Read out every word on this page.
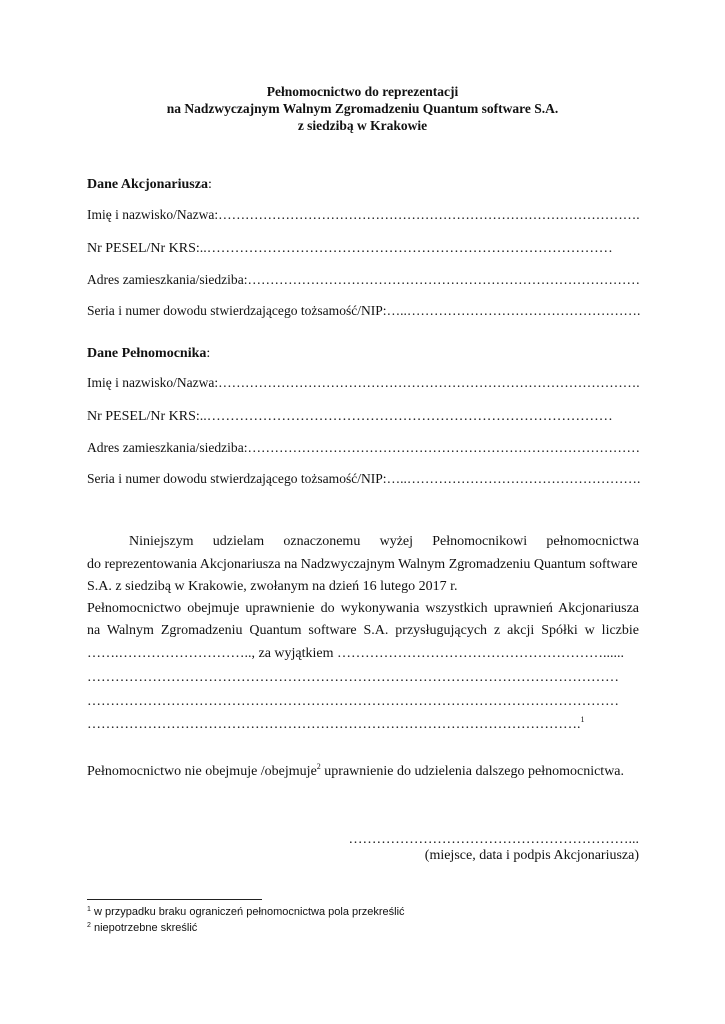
Pełnomocnictwo do reprezentacji
na Nadzwyczajnym Walnym Zgromadzeniu Quantum software S.A.
z siedzibą w Krakowie
Dane Akcjonariusza:
Imię i nazwisko/Nazwa:………………………………………………………………………………….
Nr PESEL/Nr KRS:..……………………………………………………………………………
Adres zamieszkania/siedziba:……………………………………………………………………………
Seria i numer dowodu stwierdzającego tożsamość/NIP:…..…………………………………………….
Dane Pełnomocnika:
Imię i nazwisko/Nazwa:………………………………………………………………………………….
Nr PESEL/Nr KRS:..……………………………………………………………………………
Adres zamieszkania/siedziba:……………………………………………………………………………
Seria i numer dowodu stwierdzającego tożsamość/NIP:…..…………………………………………….
Niniejszym udzielam oznaczonemu wyżej Pełnomocnikowi pełnomocnictwa
do reprezentowania Akcjonariusza na Nadzwyczajnym Walnym Zgromadzeniu Quantum software
S.A. z siedzibą w Krakowie, zwołanym na dzień 16 lutego 2017 r.
Pełnomocnictwo obejmuje uprawnienie do wykonywania wszystkich uprawnień Akcjonariusza
na Walnym Zgromadzeniu Quantum software S.A. przysługujących z akcji Spółki w liczbie
…….……………………….., za wyjątkiem …………………………………………………......
……………………………………………………………………………………………………
……………………………………………………………………………………………………
…………………………………………………………………………………………….$^1$
Pełnomocnictwo nie obejmuje /obejmuje$^2$ uprawnienie do udzielenia dalszego pełnomocnictwa.
……………………………………………………...
(miejsce, data i podpis Akcjonariusza)
$^1$ w przypadku braku ograniczeń pełnomocnictwa pola przekreślić
$^2$ niepotrzebne skreślić
